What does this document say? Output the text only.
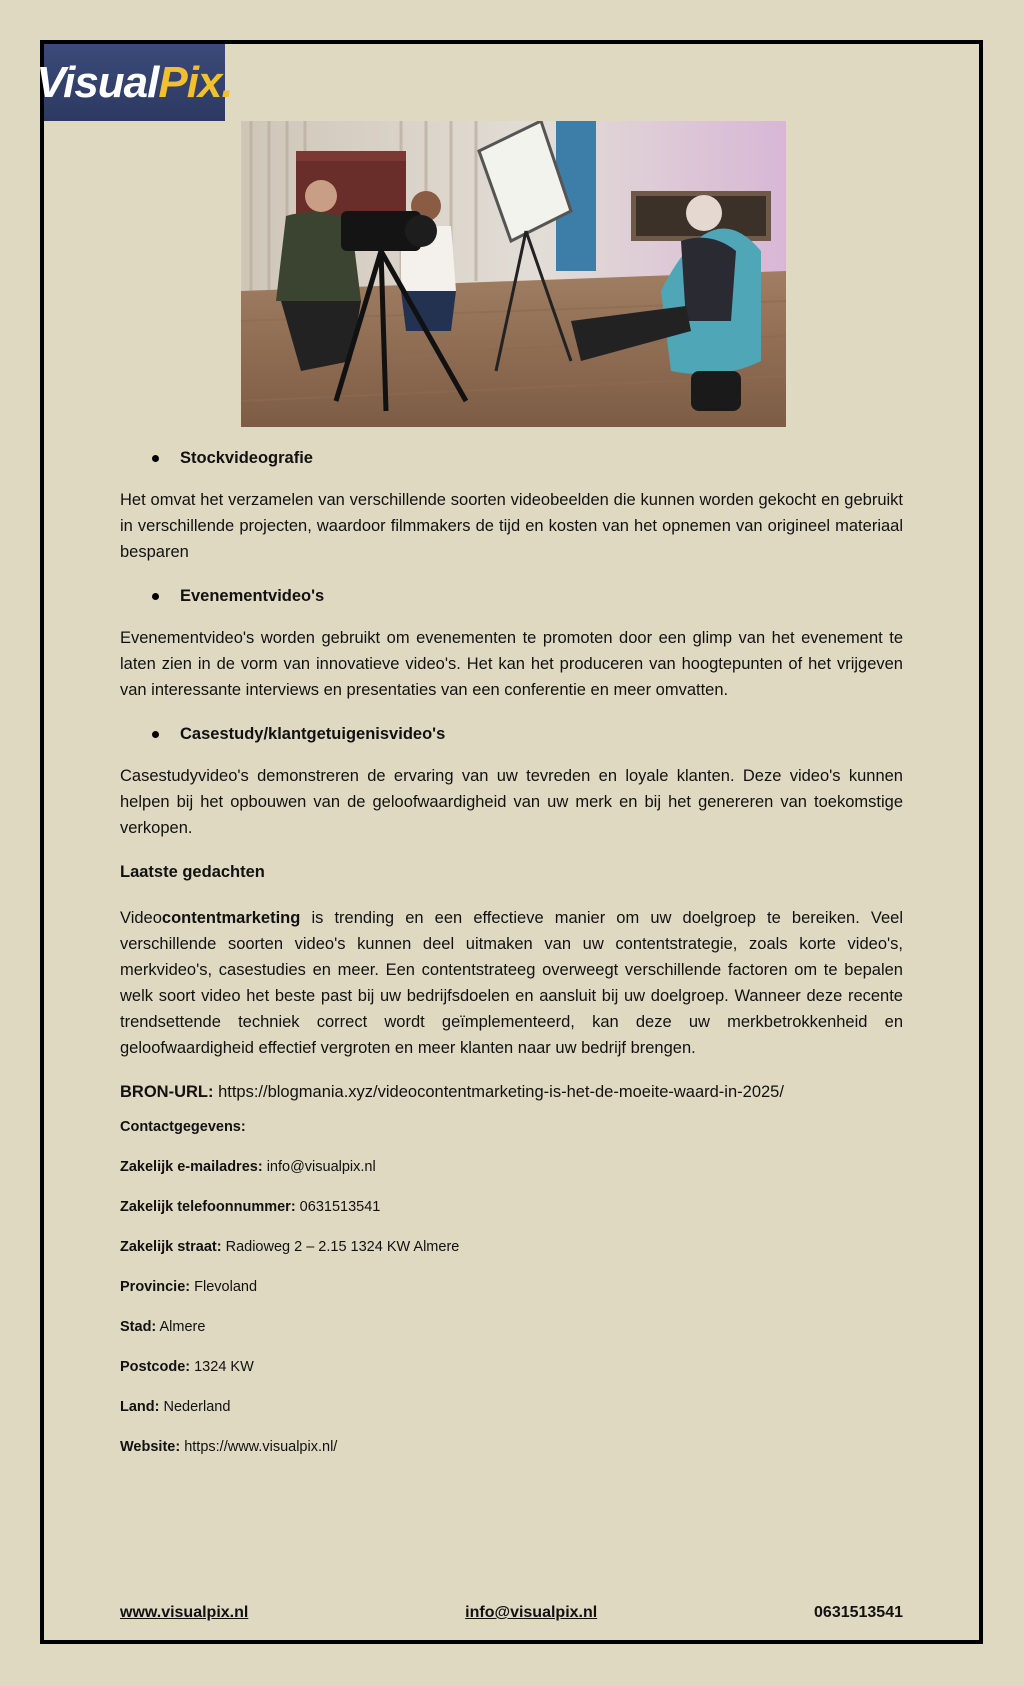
Visual Pix.
Stockvideografie

Het omvat het verzamelen van verschillende soorten videobeelden die kunnen worden gekocht en gebruikt in verschillende projecten, waardoor filmmakers de tijd en kosten van het opnemen van origineel materiaal besparen

Evenementvideo's

Evenementvideo's worden gebruikt om evenementen te promoten door een glimp van het evenement te laten zien in de vorm van innovatieve video's. Het kan het produceren van hoogtepunten of het vrijgeven van interessante interviews en presentaties van een conferentie en meer omvatten.

Casestudy/klantgetuigenisvideo's

Casestudyvideo's demonstreren de ervaring van uw tevreden en loyale klanten. Deze video's kunnen helpen bij het opbouwen van de geloofwaardigheid van uw merk en bij het genereren van toekomstige verkopen.

Laatste gedachten

Videocontentmarketing is trending en een effectieve manier om uw doelgroep te bereiken. Veel verschillende soorten video's kunnen deel uitmaken van uw contentstrategie, zoals korte video's, merkvideo's, casestudies en meer. Een contentstrateeg overweegt verschillende factoren om te bepalen welk soort video het beste past bij uw bedrijfsdoelen en aansluit bij uw doelgroep. Wanneer deze recente trendsettende techniek correct wordt geïmplementeerd, kan deze uw merkbetrokkenheid en geloofwaardigheid effectief vergroten en meer klanten naar uw bedrijf brengen.

BRON-URL: https://blogmania.xyz/videocontentmarketing-is-het-de-moeite-waard-in-2025/

Contactgegevens:

Zakelijk e-mailadres: info@visualpix.nl

Zakelijk telefoonnummer: 0631513541

Zakelijk straat: Radioweg 2 – 2.15 1324 KW Almere

Provincie: Flevoland

Stad: Almere

Postcode: 1324 KW

Land: Nederland

Website: https://www.visualpix.nl/

www.visualpix.nl	info@visualpix.nl	0631513541
